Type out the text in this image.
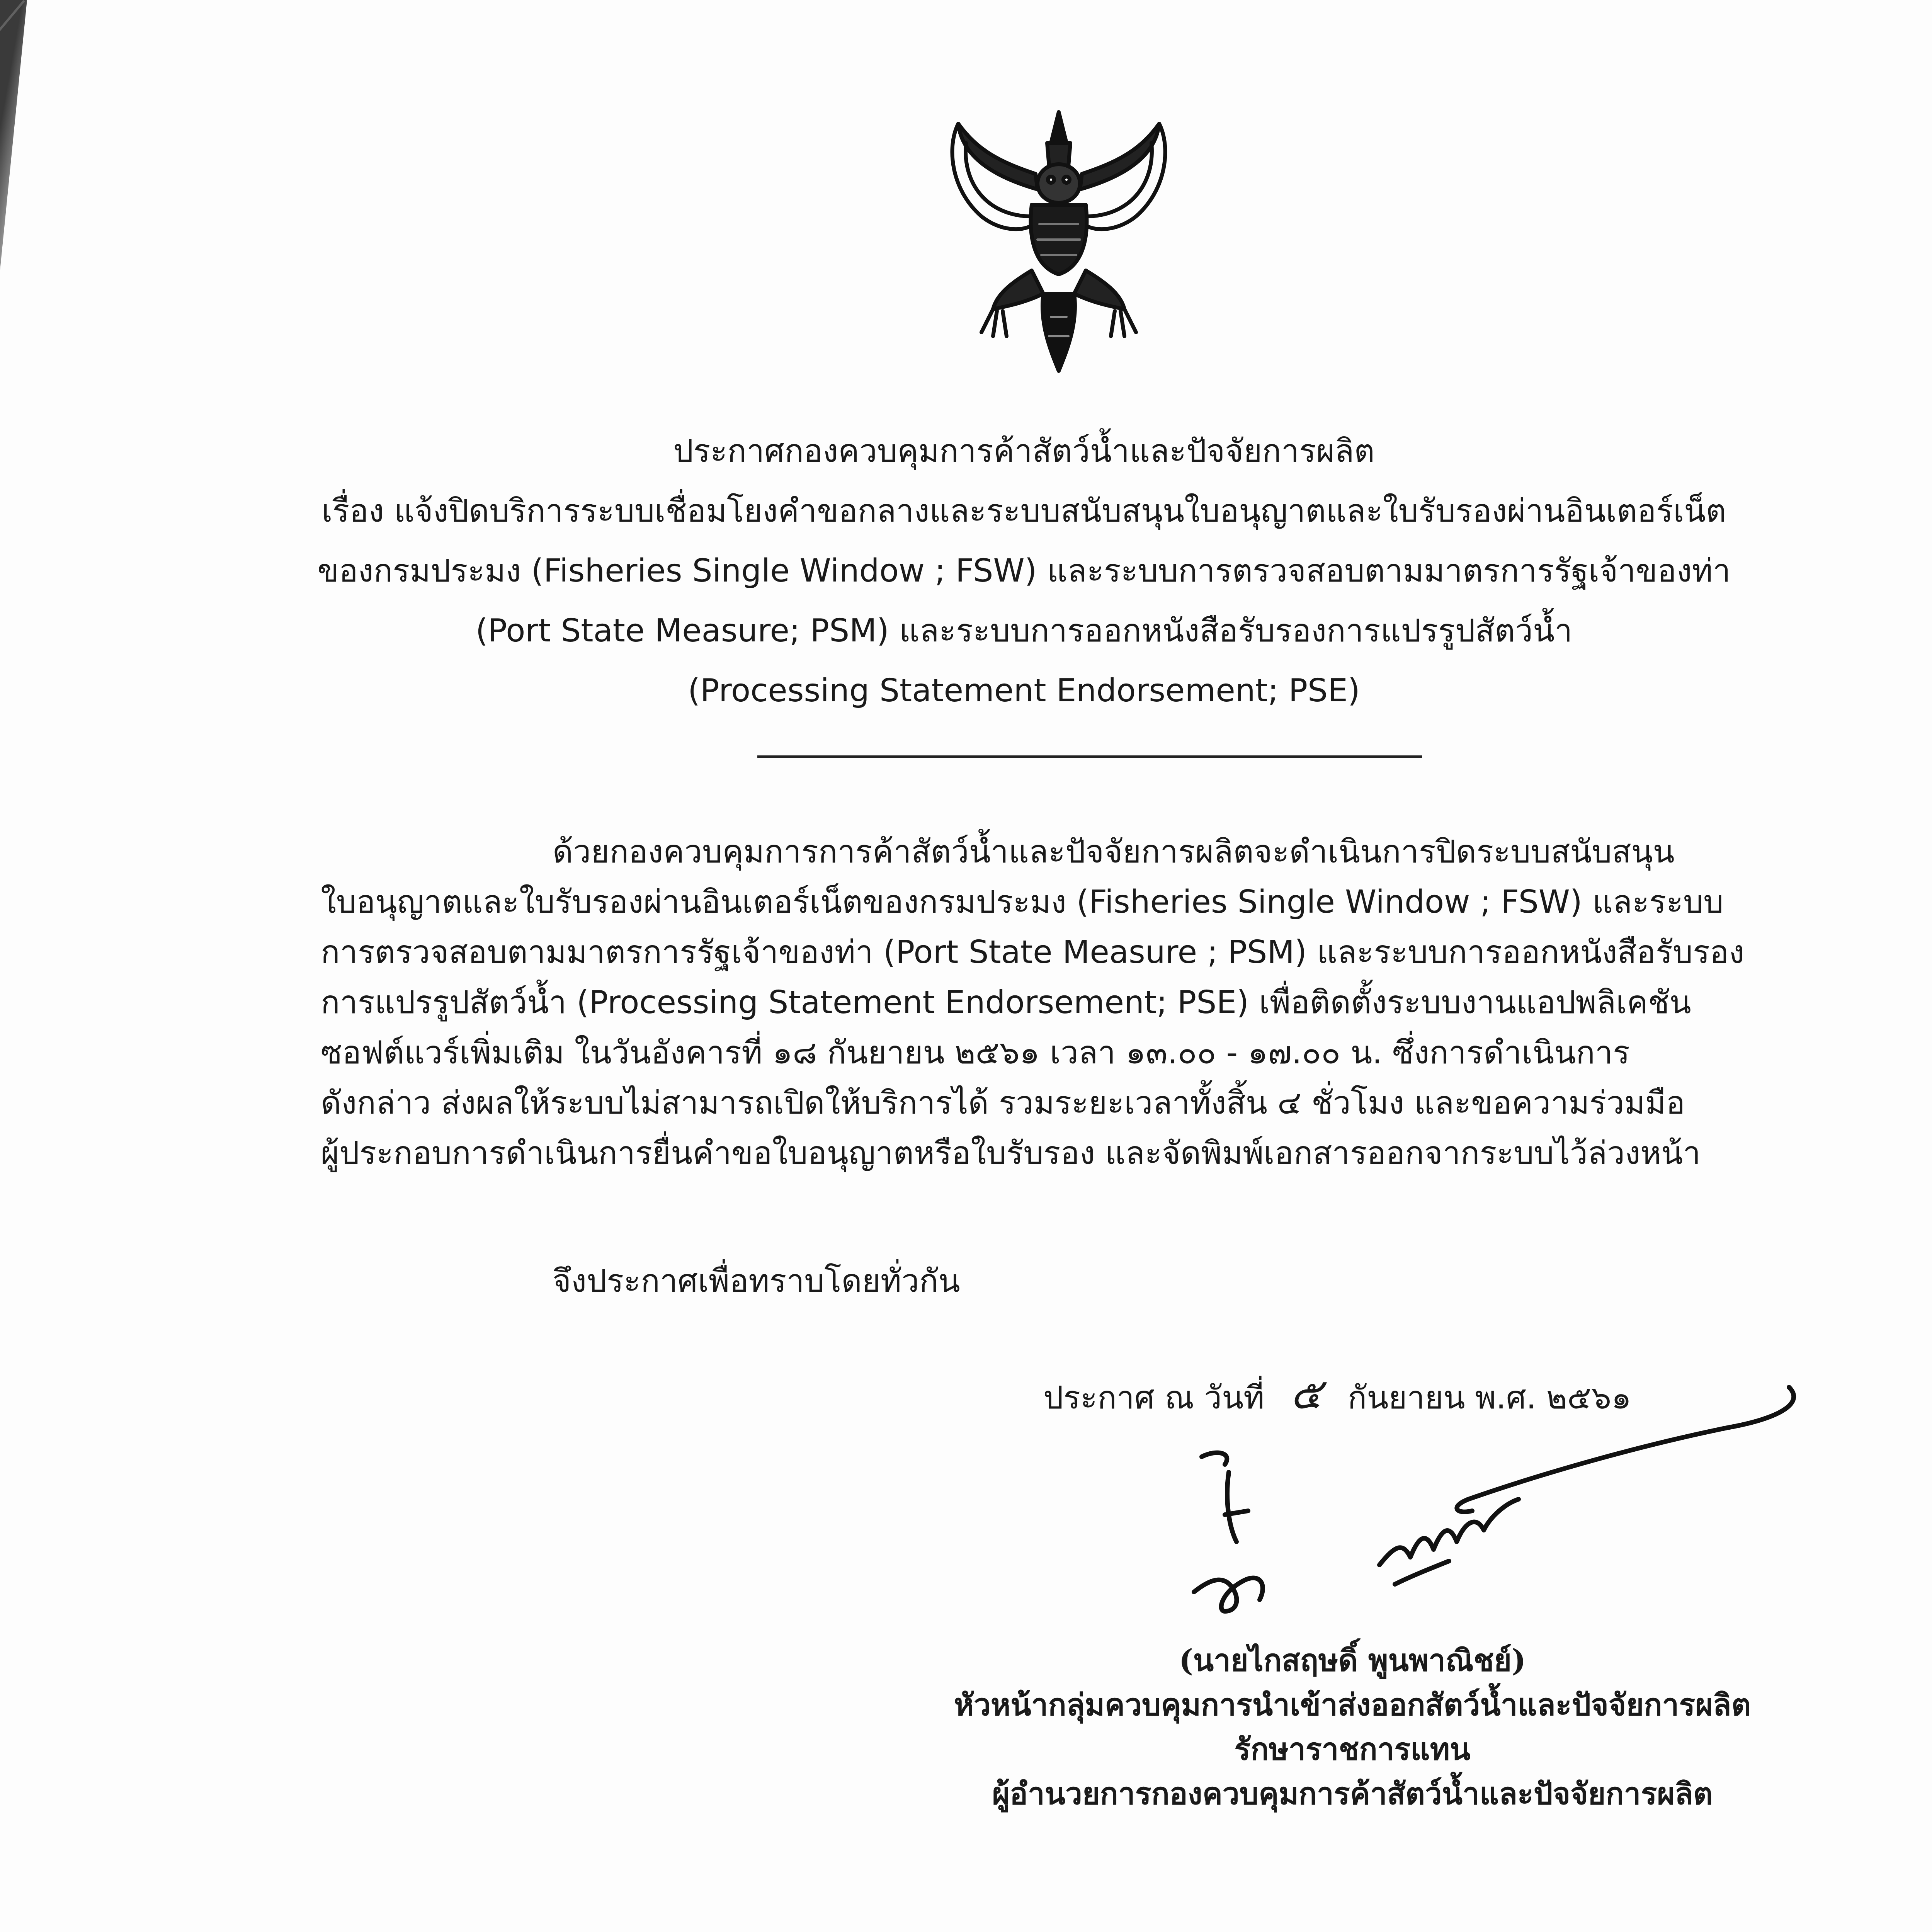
ประกาศกองควบคุมการค้าสัตว์น้ำและปัจจัยการผลิต
เรื่อง แจ้งปิดบริการระบบเชื่อมโยงคำขอกลางและระบบสนับสนุนใบอนุญาตและใบรับรองผ่านอินเตอร์เน็ต
ของกรมประมง (Fisheries Single Window ; FSW) และระบบการตรวจสอบตามมาตรการรัฐเจ้าของท่า
(Port State Measure; PSM) และระบบการออกหนังสือรับรองการแปรรูปสัตว์น้ำ
(Processing Statement Endorsement; PSE)
ด้วยกองควบคุมการการค้าสัตว์น้ำและปัจจัยการผลิตจะดำเนินการปิดระบบสนับสนุน
ใบอนุญาตและใบรับรองผ่านอินเตอร์เน็ตของกรมประมง (Fisheries Single Window ; FSW) และระบบ
การตรวจสอบตามมาตรการรัฐเจ้าของท่า (Port State Measure ; PSM) และระบบการออกหนังสือรับรอง
การแปรรูปสัตว์น้ำ (Processing Statement Endorsement; PSE) เพื่อติดตั้งระบบงานแอปพลิเคชัน
ซอฟต์แวร์เพิ่มเติม ในวันอังคารที่ ๑๘ กันยายน ๒๕๖๑ เวลา ๑๓.๐๐ - ๑๗.๐๐ น. ซึ่งการดำเนินการ
ดังกล่าว ส่งผลให้ระบบไม่สามารถเปิดให้บริการได้ รวมระยะเวลาทั้งสิ้น ๔ ชั่วโมง และขอความร่วมมือ
ผู้ประกอบการดำเนินการยื่นคำขอใบอนุญาตหรือใบรับรอง และจัดพิมพ์เอกสารออกจากระบบไว้ล่วงหน้า
จึงประกาศเพื่อทราบโดยทั่วกัน
ประกาศ ณ วันที่ ๕ กันยายน พ.ศ. ๒๕๖๑
(นายไกสฤษดิ์ พูนพาณิชย์)
หัวหน้ากลุ่มควบคุมการนำเข้าส่งออกสัตว์น้ำและปัจจัยการผลิต
รักษาราชการแทน
ผู้อำนวยการกองควบคุมการค้าสัตว์น้ำและปัจจัยการผลิต
